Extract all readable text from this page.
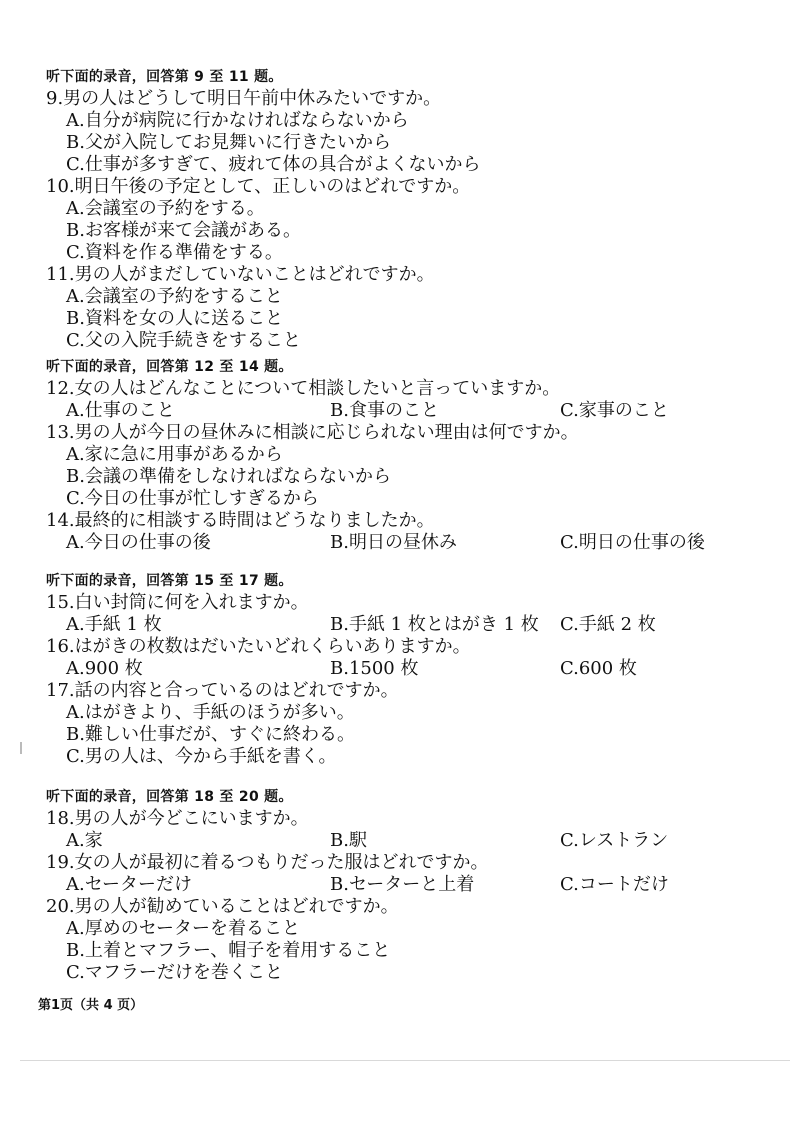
听下面的录音，回答第 9 至 11 题。
9.男の人はどうして明日午前中休みたいですか。
A.自分が病院に行かなければならないから
B.父が入院してお見舞いに行きたいから
C.仕事が多すぎて、疲れて体の具合がよくないから
10.明日午後の予定として、正しいのはどれですか。
A.会議室の予約をする。
B.お客様が来て会議がある。
C.資料を作る準備をする。
11.男の人がまだしていないことはどれですか。
A.会議室の予約をすること
B.資料を女の人に送ること
C.父の入院手続きをすること
听下面的录音，回答第 12 至 14 题。
12.女の人はどんなことについて相談したいと言っていますか。
A.仕事のこと	B.食事のこと	C.家事のこと
13.男の人が今日の昼休みに相談に応じられない理由は何ですか。
A.家に急に用事があるから
B.会議の準備をしなければならないから
C.今日の仕事が忙しすぎるから
14.最終的に相談する時間はどうなりましたか。
A.今日の仕事の後	B.明日の昼休み	C.明日の仕事の後
听下面的录音，回答第 15 至 17 题。
15.白い封筒に何を入れますか。
A.手紙 1 枚	B.手紙 1 枚とはがき 1 枚 C.手紙 2 枚
16.はがきの枚数はだいたいどれくらいありますか。
A.900 枚	B.1500 枚	C.600 枚
17.話の内容と合っているのはどれですか。
A.はがきより、手紙のほうが多い。
B.難しい仕事だが、すぐに終わる。
C.男の人は、今から手紙を書く。
听下面的录音，回答第 18 至 20 题。
18.男の人が今どこにいますか。
A.家	B.駅	C.レストラン
19.女の人が最初に着るつもりだった服はどれですか。
A.セーターだけ	B.セーターと上着	C.コートだけ
20.男の人が勧めていることはどれですか。
A.厚めのセーターを着ること
B.上着とマフラー、帽子を着用すること
C.マフラーだけを巻くこと
第1页（共 4 页）
